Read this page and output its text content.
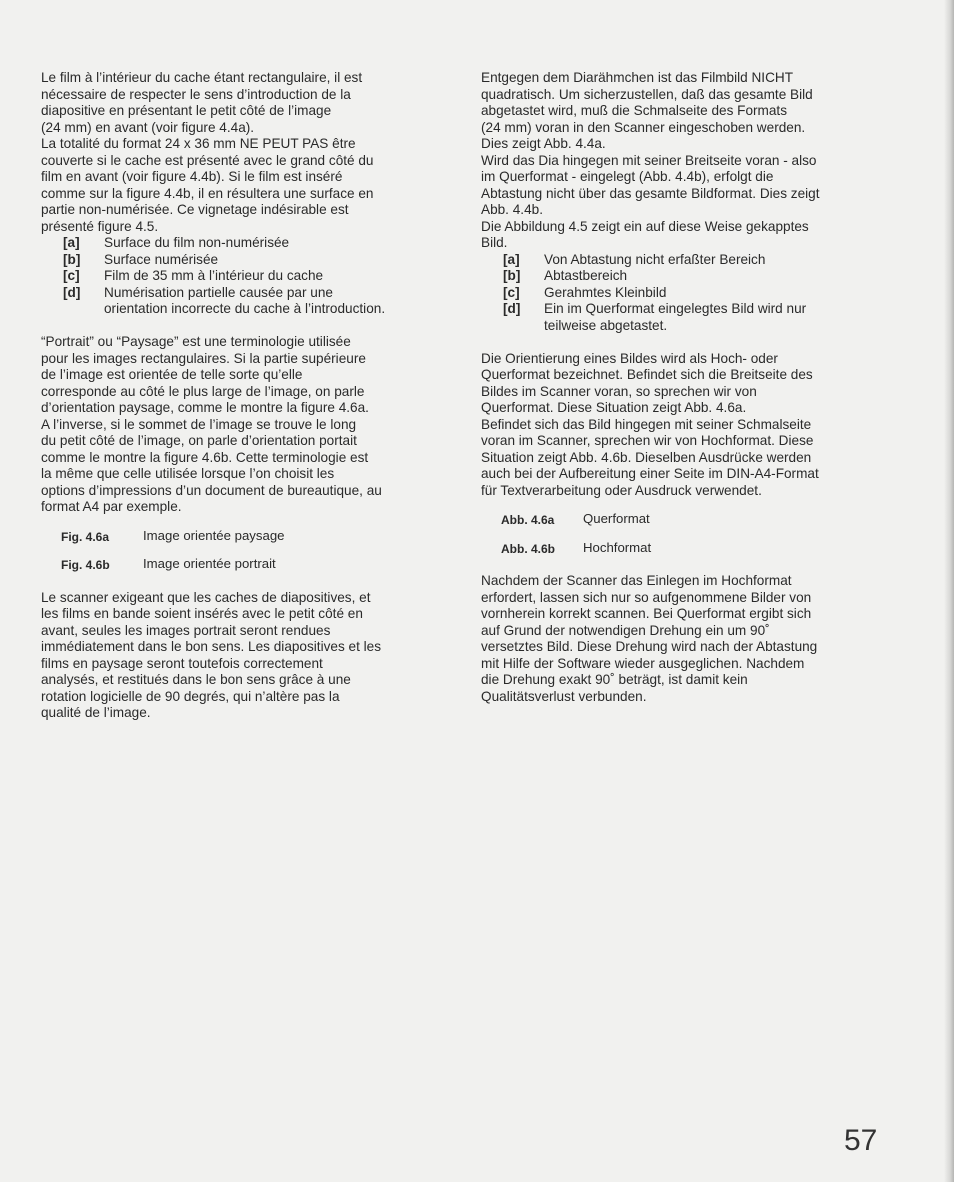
Le film à l’intérieur du cache étant rectangulaire, il est
nécessaire de respecter le sens d’introduction de la
diapositive en présentant le petit côté de l’image
(24 mm) en avant (voir figure 4.4a).
La totalité du format 24 x 36 mm NE PEUT PAS être
couverte si le cache est présenté avec le grand côté du
film en avant (voir figure 4.4b). Si le film est inséré
comme sur la figure 4.4b, il en résultera une surface en
partie non-numérisée. Ce vignetage indésirable est
présenté figure 4.5.
[a]	Surface du film non-numérisée
[b]	Surface numérisée
[c]	Film de 35 mm à l’intérieur du cache
[d]	Numérisation partielle causée par une
orientation incorrecte du cache à l’introduction.
“Portrait” ou “Paysage” est une terminologie utilisée
pour les images rectangulaires. Si la partie supérieure
de l’image est orientée de telle sorte qu’elle
corresponde au côté le plus large de l’image, on parle
d’orientation paysage, comme le montre la figure 4.6a.
A l’inverse, si le sommet de l’image se trouve le long
du petit côté de l’image, on parle d’orientation portait
comme le montre la figure 4.6b. Cette terminologie est
la même que celle utilisée lorsque l’on choisit les
options d’impressions d’un document de bureautique, au
format A4 par exemple.
Fig. 4.6a	Image orientée paysage
Fig. 4.6b	Image orientée portrait
Le scanner exigeant que les caches de diapositives, et
les films en bande soient insérés avec le petit côté en
avant, seules les images portrait seront rendues
immédiatement dans le bon sens. Les diapositives et les
films en paysage seront toutefois correctement
analysés, et restitués dans le bon sens grâce à une
rotation logicielle de 90 degrés, qui n’altère pas la
qualité de l’image.
Entgegen dem Diarähmchen ist das Filmbild NICHT
quadratisch. Um sicherzustellen, daß das gesamte Bild
abgetastet wird, muß die Schmalseite des Formats
(24 mm) voran in den Scanner eingeschoben werden.
Dies zeigt Abb. 4.4a.
Wird das Dia hingegen mit seiner Breitseite voran - also
im Querformat - eingelegt (Abb. 4.4b), erfolgt die
Abtastung nicht über das gesamte Bildformat. Dies zeigt
Abb. 4.4b.
Die Abbildung 4.5 zeigt ein auf diese Weise gekapptes
Bild.
[a]	Von Abtastung nicht erfaßter Bereich
[b]	Abtastbereich
[c]	Gerahmtes Kleinbild
[d]	Ein im Querformat eingelegtes Bild wird nur
teilweise abgetastet.
Die Orientierung eines Bildes wird als Hoch- oder
Querformat bezeichnet. Befindet sich die Breitseite des
Bildes im Scanner voran, so sprechen wir von
Querformat. Diese Situation zeigt Abb. 4.6a.
Befindet sich das Bild hingegen mit seiner Schmalseite
voran im Scanner, sprechen wir von Hochformat. Diese
Situation zeigt Abb. 4.6b. Dieselben Ausdrücke werden
auch bei der Aufbereitung einer Seite im DIN-A4-Format
für Textverarbeitung oder Ausdruck verwendet.
Abb. 4.6a	Querformat
Abb. 4.6b	Hochformat
Nachdem der Scanner das Einlegen im Hochformat
erfordert, lassen sich nur so aufgenommene Bilder von
vornherein korrekt scannen. Bei Querformat ergibt sich
auf Grund der notwendigen Drehung ein um 90˚
versetztes Bild. Diese Drehung wird nach der Abtastung
mit Hilfe der Software wieder ausgeglichen. Nachdem
die Drehung exakt 90˚ beträgt, ist damit kein
Qualitätsverlust verbunden.
57
